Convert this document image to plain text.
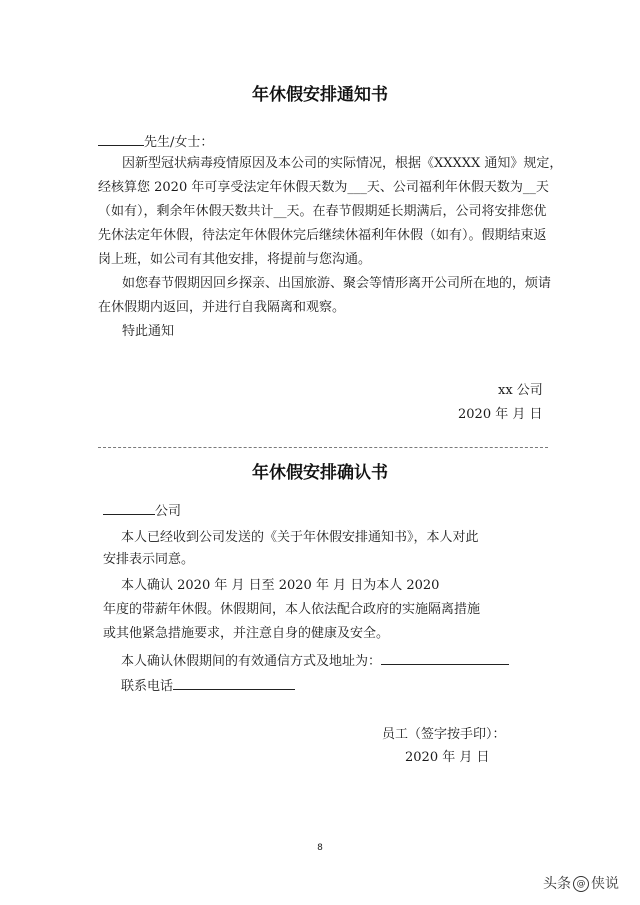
年休假安排通知书
先生/女士：
因新型冠状病毒疫情原因及本公司的实际情况，根据《XXXXX 通知》规定，
经核算您 2020 年可享受法定年休假天数为___天、公司福利年休假天数为__天
（如有），剩余年休假天数共计__天。在春节假期延长期满后，公司将安排您优
先休法定年休假，待法定年休假休完后继续休福利年休假（如有）。假期结束返
岗上班，如公司有其他安排，将提前与您沟通。
如您春节假期因回乡探亲、出国旅游、聚会等情形离开公司所在地的，烦请
在休假期内返回，并进行自我隔离和观察。
特此通知
xx 公司
2020 年 月 日
年休假安排确认书
公司
本人已经收到公司发送的《关于年休假安排通知书》，本人对此
安排表示同意。
本人确认 2020 年 月 日至 2020 年 月 日为本人 2020
年度的带薪年休假。休假期间，本人依法配合政府的实施隔离措施
或其他紧急措施要求，并注意自身的健康及安全。
本人确认休假期间的有效通信方式及地址为：
联系电话
员工（签字按手印）：
2020 年 月 日
8
头条 @ 侠说
